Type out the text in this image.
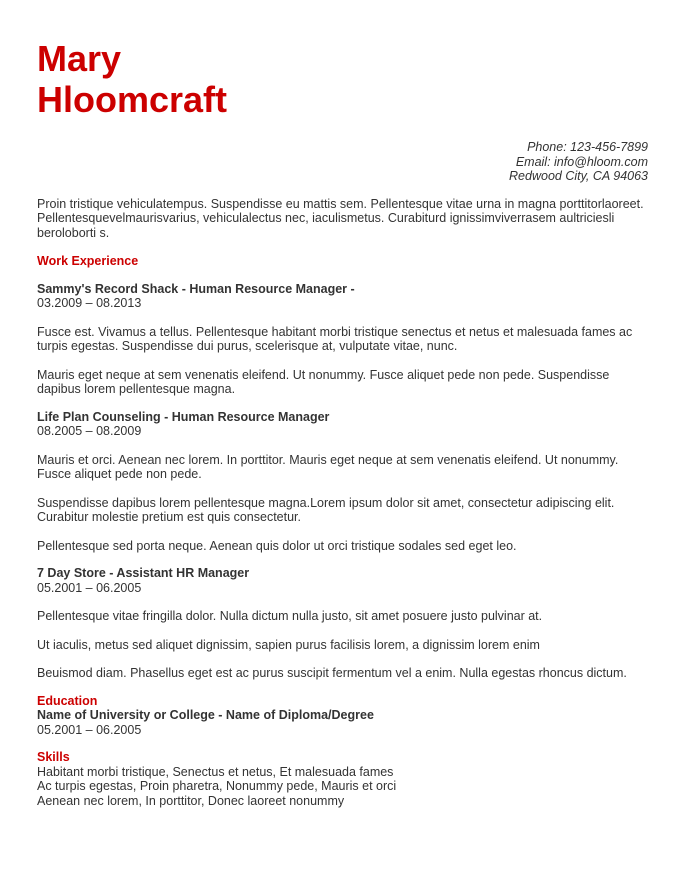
Mary
Hloomcraft
Phone: 123-456-7899
Email: info@hloom.com
Redwood City, CA 94063
Proin tristique vehiculatempus. Suspendisse eu mattis sem. Pellentesque vitae urna in magna porttitorlaoreet. Pellentesquevelmaurisvarius, vehiculalectus nec, iaculismetus. Curabiturd ignissimviverrasem aultriciesli beroloborti s.
Work Experience
Sammy's Record Shack - Human Resource Manager -
03.2009 – 08.2013
Fusce est. Vivamus a tellus. Pellentesque habitant morbi tristique senectus et netus et malesuada fames ac turpis egestas. Suspendisse dui purus, scelerisque at, vulputate vitae, nunc.
Mauris eget neque at sem venenatis eleifend. Ut nonummy. Fusce aliquet pede non pede. Suspendisse dapibus lorem pellentesque magna.
Life Plan Counseling - Human Resource Manager
08.2005 – 08.2009
Mauris et orci. Aenean nec lorem. In porttitor. Mauris eget neque at sem venenatis eleifend. Ut nonummy. Fusce aliquet pede non pede.
Suspendisse dapibus lorem pellentesque magna.Lorem ipsum dolor sit amet, consectetur adipiscing elit. Curabitur molestie pretium est quis consectetur.
Pellentesque sed porta neque. Aenean quis dolor ut orci tristique sodales sed eget leo.
7 Day Store - Assistant HR Manager
05.2001 – 06.2005
Pellentesque vitae fringilla dolor. Nulla dictum nulla justo, sit amet posuere justo pulvinar at.
Ut iaculis, metus sed aliquet dignissim, sapien purus facilisis lorem, a dignissim lorem enim
Beuismod diam. Phasellus eget est ac purus suscipit fermentum vel a enim. Nulla egestas rhoncus dictum.
Education
Name of University or College - Name of Diploma/Degree
05.2001 – 06.2005
Skills
Habitant morbi tristique, Senectus et netus, Et malesuada fames
Ac turpis egestas, Proin pharetra, Nonummy pede, Mauris et orci
Aenean nec lorem, In porttitor, Donec laoreet nonummy
